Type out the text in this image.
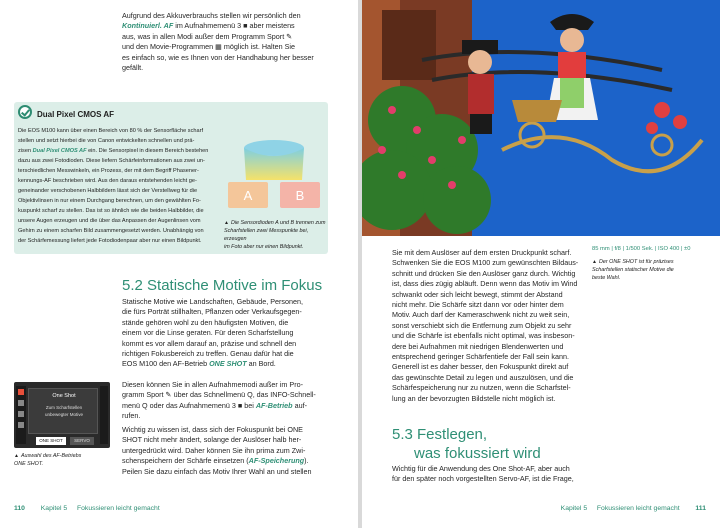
Aufgrund des Akkuverbrauchs stellen wir persönlich den
Kontinuierl. AF im Aufnahmemenü 3 ■ aber meistens
aus, was in allen Modi außer dem Programm Sport ✎
und den Movie-Programmen ▦ möglich ist. Halten Sie
es einfach so, wie es Ihnen von der Handhabung her besser
gefällt.
Dual Pixel CMOS AF
Die EOS M100 kann über einen Bereich von 80 % der Sensorfläche scharf
stellen und setzt hierbei die von Canon entwickelten schnellen und prä-
zisen Dual Pixel CMOS AF ein. Die Sensorpixel in diesem Bereich bestehen
dazu aus zwei Fotodioden. Diese liefern Schärfeinformationen aus zwei un-
terschiedlichen Messwinkeln, ein Prozess, der mit dem Begriff Phasener-
kennungs-AF beschrieben wird. Aus den daraus entstehenden leicht ge-
geneinander verschobenen Halbbildern lässt sich der Verstellweg für die
Objektivlinsen in nur einem Durchgang berechnen, um den gewählten Fo-
kuspunkt scharf zu stellen. Das ist so ähnlich wie die beiden Halbbilder, die
unsere Augen erzeugen und die über das Anpassen der Augenlinsen vom
Gehirn zu einem scharfen Bild zusammengesetzt werden. Unabhängig von
der Schärfemessung liefert jede Fotodiodenpaar aber nur einen Bildpunkt.
A	B
▲ Die Sensordioden A und B trennen zum
Scharfstellen zwei Messpunkte bei, erzeugen
im Foto aber nur einen Bildpunkt.
5.2 Statische Motive im Fokus
Statische Motive wie Landschaften, Gebäude, Personen,
die fürs Porträt stillhalten, Pflanzen oder Verkaufsgegen-
stände gehören wohl zu den häufigsten Motiven, die
einem vor die Linse geraten. Für deren Scharfstellung
kommt es vor allem darauf an, präzise und schnell den
richtigen Fokusbereich zu treffen. Genau dafür hat die
EOS M100 den AF-Betrieb ONE SHOT an Bord.
Diesen können Sie in allen Aufnahmemodi außer im Pro-
gramm Sport ✎ über das Schnellmenü Q, das INFO-Schnell-
menü Q oder das Aufnahmemenü 3 ■ bei AF-Betrieb auf-
rufen.
Wichtig zu wissen ist, dass sich der Fokuspunkt bei ONE
SHOT nicht mehr ändert, solange der Auslöser halb her-
untergedrückt wird. Daher können Sie ihn prima zum Zwi-
schenspeichern der Schärfe einsetzen (AF-Speicherung).
Peilen Sie dazu einfach das Motiv Ihrer Wahl an und stellen
One Shot
Zum Scharfstellen
unbewegter Motive
ONE SHOT	SERVO
▲ Auswahl des AF-Betriebs
ONE SHOT.
110 Kapitel 5 Fokussieren leicht gemacht
85 mm | f/8 | 1/500 Sek. | ISO 400 | ±0
▲ Der ONE SHOT ist für präzises
Scharfstellen statischer Motive die
beste Wahl.
Sie mit dem Auslöser auf dem ersten Druckpunkt scharf.
Schwenken Sie die EOS M100 zum gewünschten Bildaus-
schnitt und drücken Sie den Auslöser ganz durch. Wichtig
ist, dass dies zügig abläuft. Denn wenn das Motiv im Wind
schwankt oder sich leicht bewegt, stimmt der Abstand
nicht mehr. Die Schärfe sitzt dann vor oder hinter dem
Motiv. Auch darf der Kameraschwenk nicht zu weit sein,
sonst verschiebt sich die Entfernung zum Objekt zu sehr
und die Schärfe ist ebenfalls nicht optimal, was insbeson-
dere bei Aufnahmen mit niedrigen Blendenwerten und
entsprechend geringer Schärfentiefe der Fall sein kann.
Generell ist es daher besser, den Fokuspunkt direkt auf
das gewünschte Detail zu legen und auszulösen, und die
Schärfespeicherung nur zu nutzen, wenn die Scharfstel-
lung an der bevorzugten Bildstelle nicht möglich ist.
5.3 Festlegen,
was fokussiert wird
Wichtig für die Anwendung des One Shot-AF, aber auch
für den später noch vorgestellten Servo-AF, ist die Frage,
Kapitel 5 Fokussieren leicht gemacht 111
